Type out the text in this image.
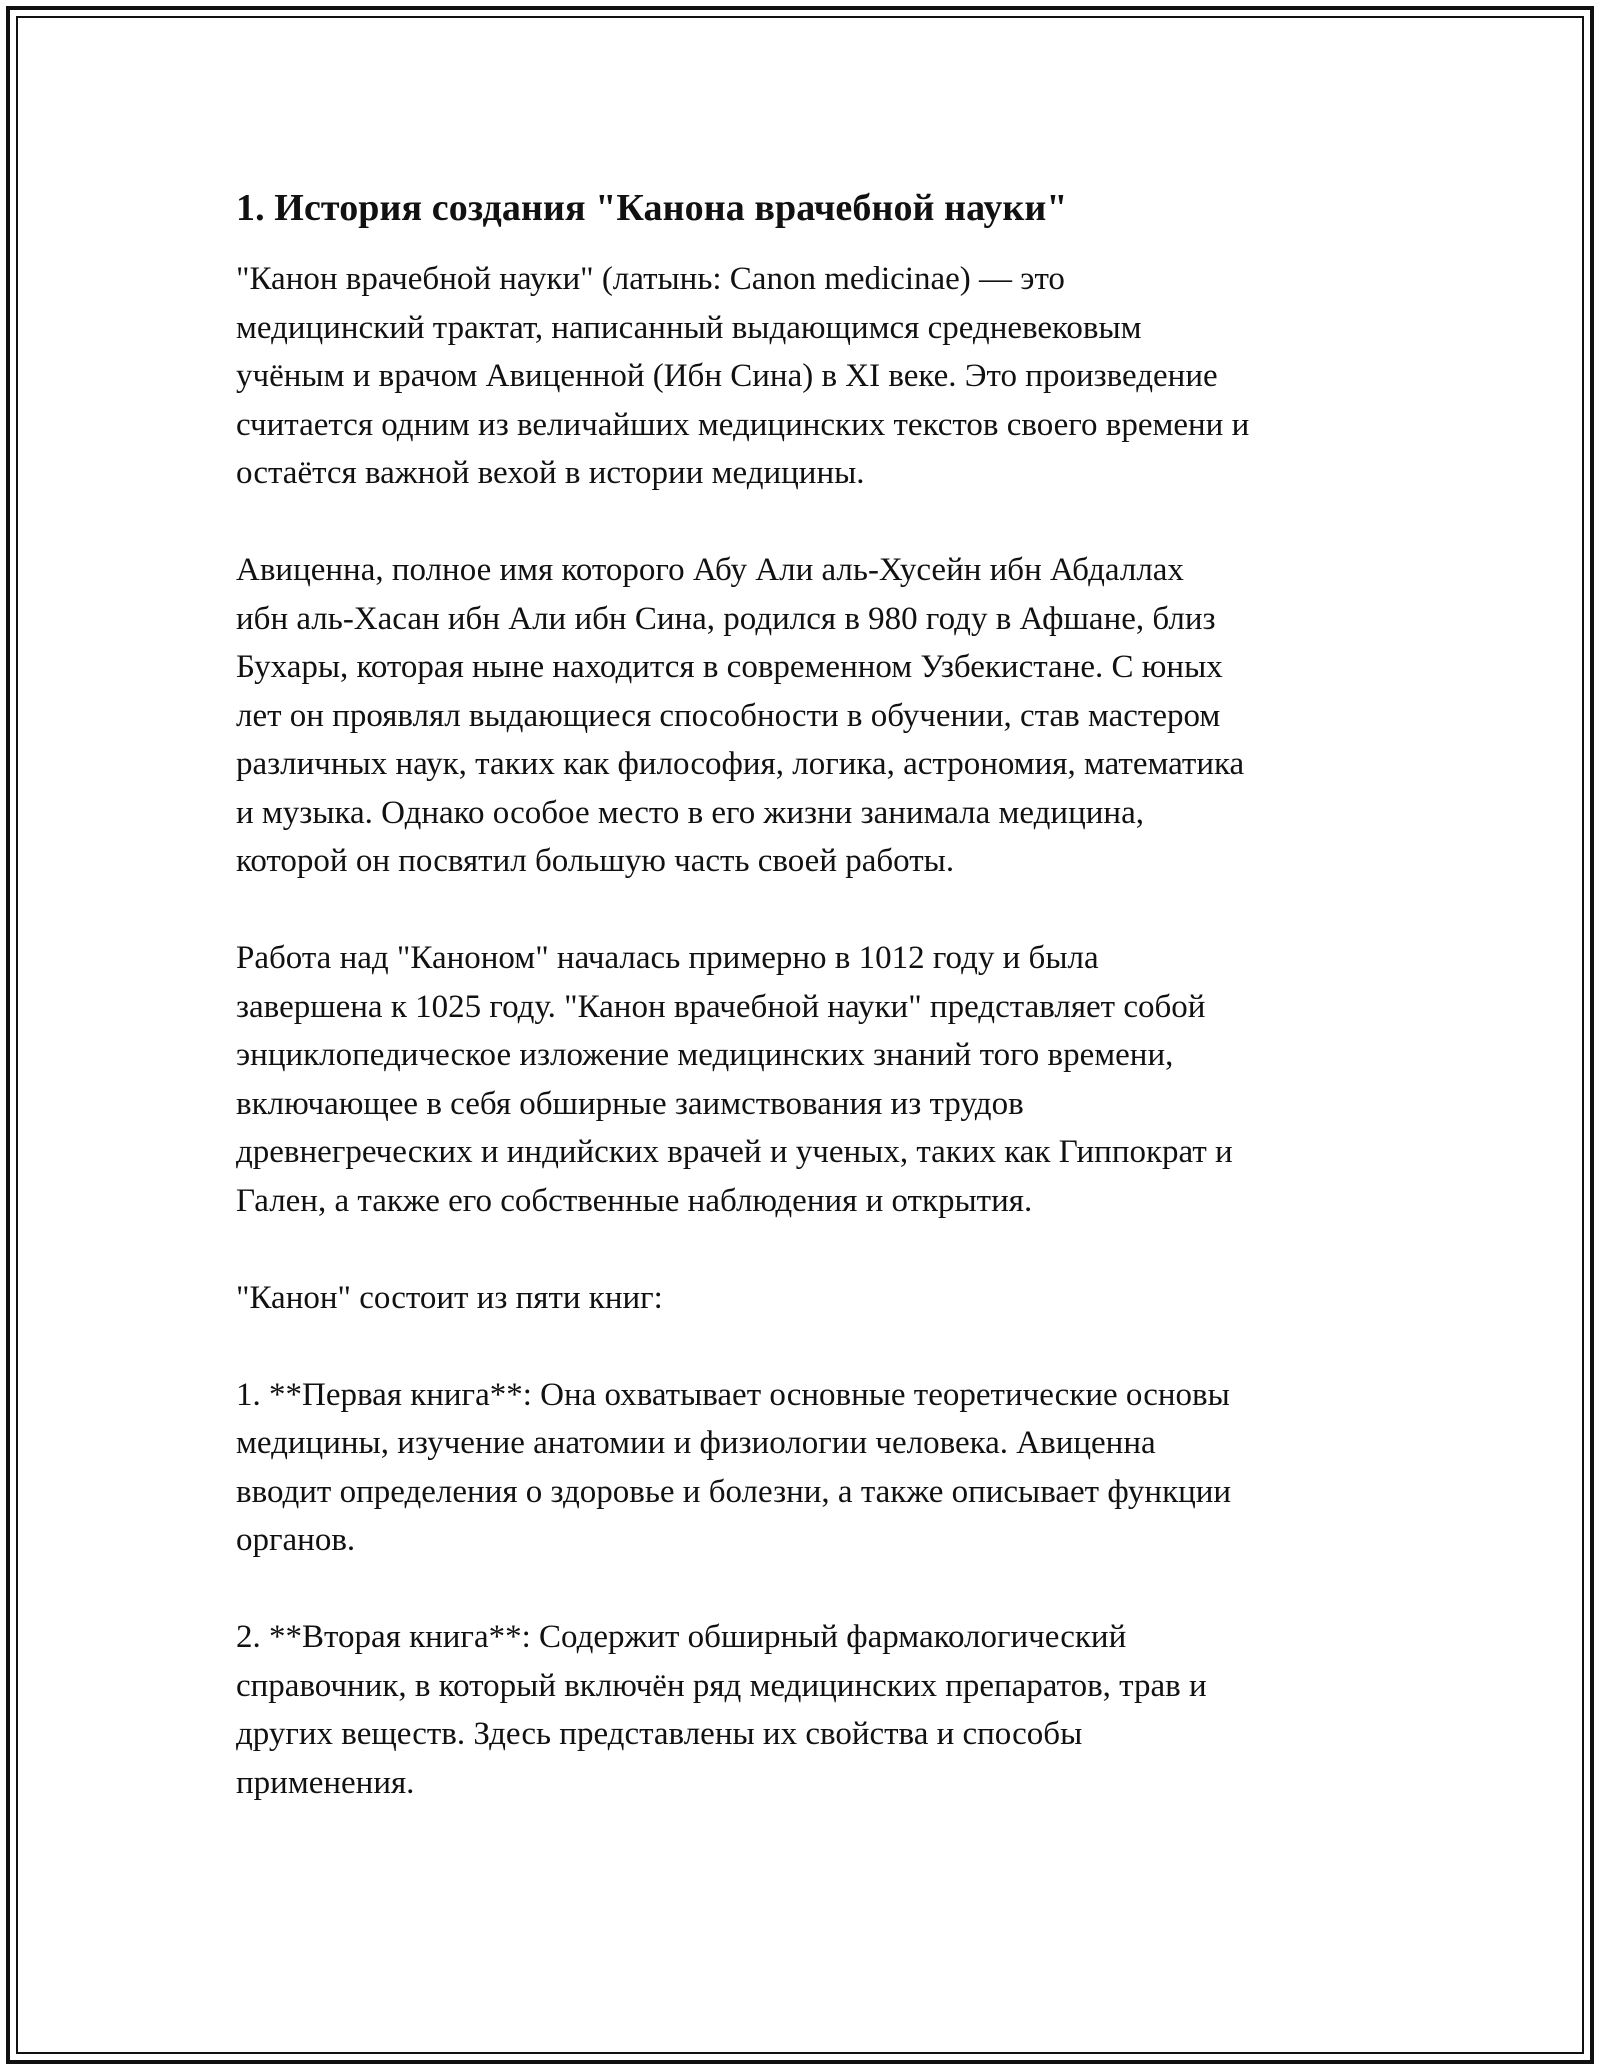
1. История создания "Канона врачебной науки"
"Канон врачебной науки" (латынь: Canon medicinae) — это
медицинский трактат, написанный выдающимся средневековым
учёным и врачом Авиценной (Ибн Сина) в XI веке. Это произведение
считается одним из величайших медицинских текстов своего времени и
остаётся важной вехой в истории медицины.
Авиценна, полное имя которого Абу Али аль-Хусейн ибн Абдаллах
ибн аль-Хасан ибн Али ибн Сина, родился в 980 году в Афшане, близ
Бухары, которая ныне находится в современном Узбекистане. С юных
лет он проявлял выдающиеся способности в обучении, став мастером
различных наук, таких как философия, логика, астрономия, математика
и музыка. Однако особое место в его жизни занимала медицина,
которой он посвятил большую часть своей работы.
Работа над "Каноном" началась примерно в 1012 году и была
завершена к 1025 году. "Канон врачебной науки" представляет собой
энциклопедическое изложение медицинских знаний того времени,
включающее в себя обширные заимствования из трудов
древнегреческих и индийских врачей и ученых, таких как Гиппократ и
Гален, а также его собственные наблюдения и открытия.
"Канон" состоит из пяти книг:
1. **Первая книга**: Она охватывает основные теоретические основы
медицины, изучение анатомии и физиологии человека. Авиценна
вводит определения о здоровье и болезни, а также описывает функции
органов.
2. **Вторая книга**: Содержит обширный фармакологический
справочник, в который включён ряд медицинских препаратов, трав и
других веществ. Здесь представлены их свойства и способы
применения.
